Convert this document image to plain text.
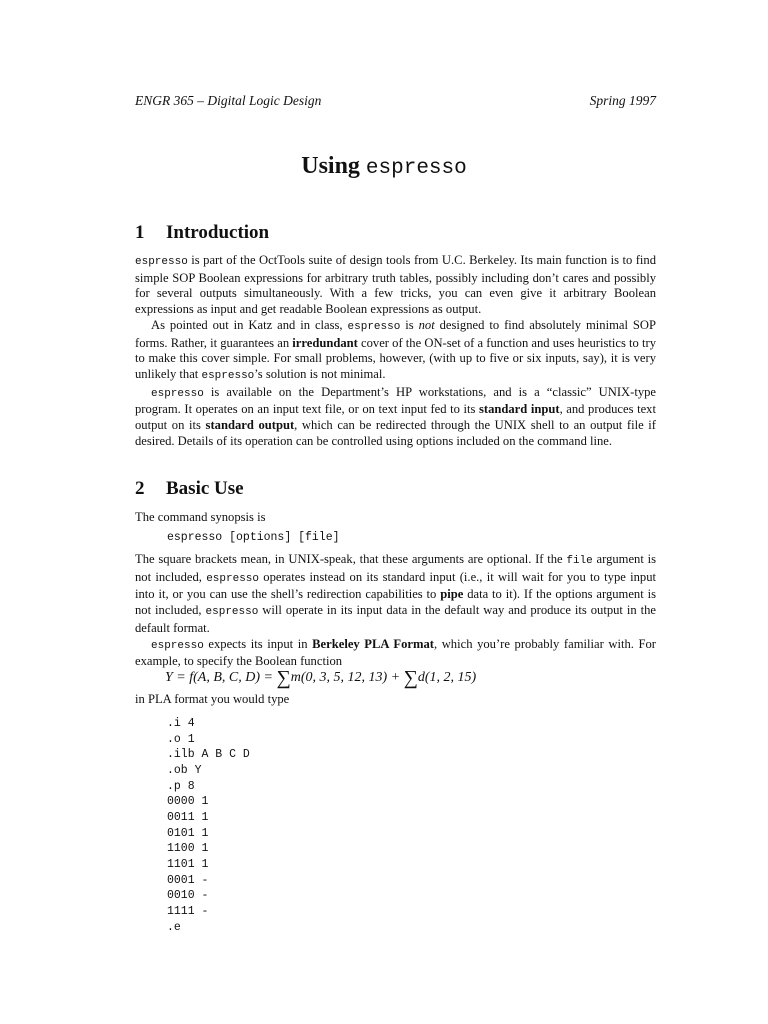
ENGR 365 – Digital Logic Design	Spring 1997
Using espresso
1 Introduction

espresso is part of the OctTools suite of design tools from U.C. Berkeley. Its main function is to find simple SOP Boolean expressions for arbitrary truth tables, possibly including don’t cares and possibly for several outputs simultaneously. With a few tricks, you can even give it arbitrary Boolean expressions as input and get readable Boolean expressions as output.

As pointed out in Katz and in class, espresso is not designed to find absolutely minimal SOP forms. Rather, it guarantees an irredundant cover of the ON-set of a function and uses heuristics to try to make this cover simple. For small problems, however, (with up to five or six inputs, say), it is very unlikely that espresso’s solution is not minimal.

espresso is available on the Department’s HP workstations, and is a “classic” UNIX-type program. It operates on an input text file, or on text input fed to its standard input, and produces text output on its standard output, which can be redirected through the UNIX shell to an output file if desired. Details of its operation can be controlled using options included on the command line.

2 Basic Use
The command synopsis is
espresso [options] [file]

The square brackets mean, in UNIX-speak, that these arguments are optional. If the file argument is not included, espresso operates instead on its standard input (i.e., it will wait for you to type input into it, or you can use the shell’s redirection capabilities to pipe data to it). If the options argument is not included, espresso will operate in its input data in the default way and produce its output in the default format.

espresso expects its input in Berkeley PLA Format, which you’re probably familiar with. For example, to specify the Boolean function

Y = f(A, B, C, D) = ∑m(0, 3, 5, 12, 13) + ∑d(1, 2, 15)
in PLA format you would type
.i 4
.o 1
.ilb A B C D
.ob Y
.p 8
0000 1
0011 1
0101 1
1100 1
1101 1
0001 -
0010 -
1111 -
.e
